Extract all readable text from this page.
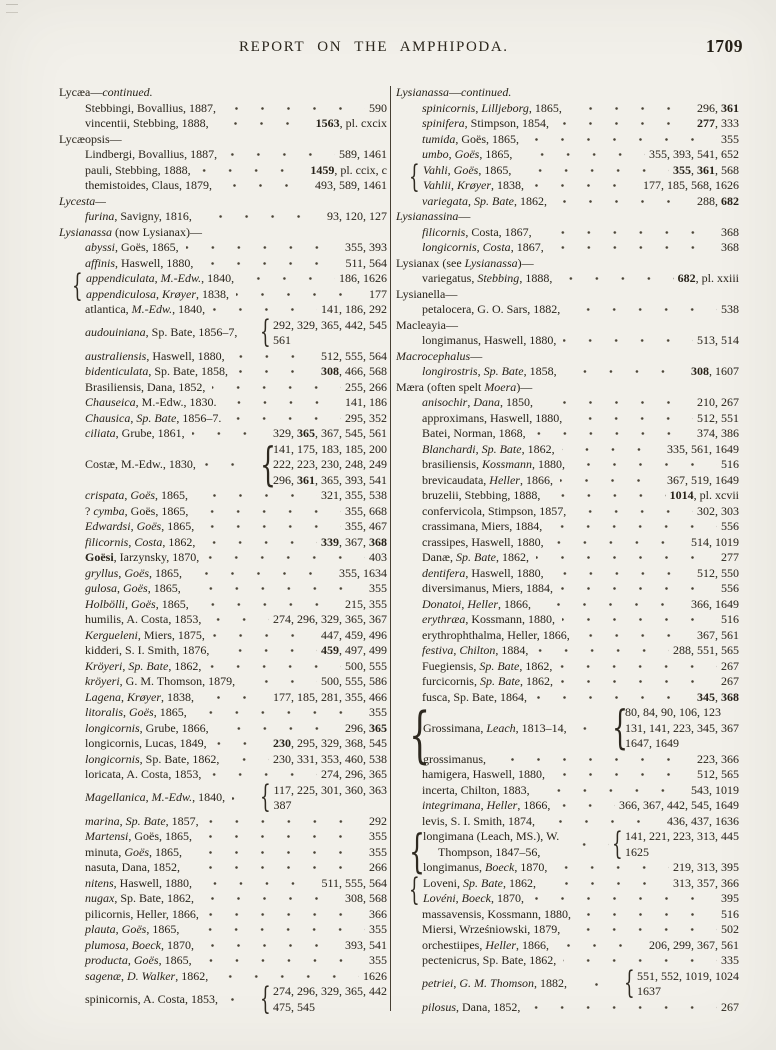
REPORT ON THE AMPHIPODA.	1709
Lycæa—continued.
Stebbingi, Bovallius, 1887,	590
vincentii, Stebbing, 1888,	1563, pl. cxcix
Lycæopsis—
Lindbergi, Bovallius, 1887,	589, 1461
pauli, Stebbing, 1888,	1459, pl. ccix, c
themistoides, Claus, 1879,	493, 589, 1461
Lycesta—
furina, Savigny, 1816,	93, 120, 127
Lysianassa (now Lysianax)—
abyssi, Goës, 1865,	355, 393
affinis, Haswell, 1880,	511, 564
{ appendiculata, M.-Edw., 1840,	186, 1626
appendiculosa, Krøyer, 1838,	177
atlantica, M.-Edw., 1840,	141, 186, 292
audouiniana, Sp. Bate, 1856–7, { 292, 329, 365, 442, 545
561
australiensis, Haswell, 1880,	512, 555, 564
bidenticulata, Sp. Bate, 1858,	308, 466, 568
Brasiliensis, Dana, 1852,	255, 266
Chauseica, M.-Edw., 1830.	141, 186
Chausica, Sp. Bate, 1856–7.	295, 352
ciliata, Grube, 1861,	329, 365, 367, 545, 561
Costæ, M.-Edw., 1830, {
141, 175, 183, 185, 200
222, 223, 230, 248, 249
296, 361, 365, 393, 541
crispata, Goës, 1865,	321, 355, 538
? cymba, Goës, 1865,	355, 668
Edwardsi, Goës, 1865,	355, 467
filicornis, Costa, 1862,	339, 367, 368
Goësi, Iarzynsky, 1870,	403
gryllus, Goës, 1865,	355, 1634
gulosa, Goës, 1865,	355
Holbölli, Goës, 1865,	215, 355
humilis, A. Costa, 1853,	274, 296, 329, 365, 367
Kergueleni, Miers, 1875,	447, 459, 496
kidderi, S. I. Smith, 1876,	459, 497, 499
Kröyeri, Sp. Bate, 1862,	500, 555
kröyeri, G. M. Thomson, 1879,	500, 555, 586
Lagena, Krøyer, 1838,	177, 185, 281, 355, 466
litoralis, Goës, 1865,	355
longicornis, Grube, 1866,	296, 365
longicornis, Lucas, 1849,	230, 295, 329, 368, 545
longicornis, Sp. Bate, 1862,	230, 331, 353, 460, 538
loricata, A. Costa, 1853,	274, 296, 365
Magellanica, M.-Edw., 1840, { 117, 225, 301, 360, 363
387
marina, Sp. Bate, 1857,	292
Martensi, Goës, 1865,	355
minuta, Goës, 1865,	355
nasuta, Dana, 1852,	266
nitens, Haswell, 1880,	511, 555, 564
nugax, Sp. Bate, 1862,	308, 568
pilicornis, Heller, 1866,	366
plauta, Goës, 1865,	355
plumosa, Boeck, 1870,	393, 541
producta, Goës, 1865,	355
sagenæ, D. Walker, 1862,	1626
spinicornis, A. Costa, 1853, { 274, 296, 329, 365, 442
475, 545
Lysianassa—continued.
spinicornis, Lilljeborg, 1865,	296, 361
spinifera, Stimpson, 1854,	277, 333
tumida, Goës, 1865,	355
umbo, Goës, 1865,	355, 393, 541, 652
{ Vahli, Goës, 1865,	355, 361, 568
Vahlii, Krøyer, 1838,	177, 185, 568, 1626
variegata, Sp. Bate, 1862,	288, 682
Lysianassina—
filicornis, Costa, 1867,	368
longicornis, Costa, 1867,	368
Lysianax (see Lysianassa)—
variegatus, Stebbing, 1888,	682, pl. xxiii
Lysianella—
petalocera, G. O. Sars, 1882,	538
Macleayia—
longimanus, Haswell, 1880,	513, 514
Macrocephalus—
longirostris, Sp. Bate, 1858,	308, 1607
Mæra (often spelt Moera)—
anisochir, Dana, 1850,	210, 267
approximans, Haswell, 1880,	512, 551
Batei, Norman, 1868,	374, 386
Blanchardi, Sp. Bate, 1862,	335, 561, 1649
brasiliensis, Kossmann, 1880,	516
brevicaudata, Heller, 1866,	367, 519, 1649
bruzelii, Stebbing, 1888,	1014, pl. xcvii
confervicola, Stimpson, 1857,	302, 303
crassimana, Miers, 1884,	556
crassipes, Haswell, 1880,	514, 1019
Danæ, Sp. Bate, 1862,	277
dentifera, Haswell, 1880,	512, 550
diversimanus, Miers, 1884,	556
Donatoi, Heller, 1866,	366, 1649
erythræa, Kossmann, 1880,	516
erythrophthalma, Heller, 1866,	367, 561
festiva, Chilton, 1884,	288, 551, 565
Fuegiensis, Sp. Bate, 1862,	267
furcicornis, Sp. Bate, 1862,	267
fusca, Sp. Bate, 1864,	345, 368
{
Grossimana, Leach, 1813–14, {
80, 84, 90, 106, 123
131, 141, 223, 345, 367
1647, 1649
grossimanus,	223, 366
hamigera, Haswell, 1880,	512, 565
incerta, Chilton, 1883,	543, 1019
integrimana, Heller, 1866,	366, 367, 442, 545, 1649
levis, S. I. Smith, 1874,	436, 437, 1636
{
longimana (Leach, MS.), W.
Thompson, 1847–56,	{ 141, 221, 223, 313, 445
1625
longimanus, Boeck, 1870,	219, 313, 395
{ Loveni, Sp. Bate, 1862,	313, 357, 366
Lovéni, Boeck, 1870,	395
massavensis, Kossmann, 1880,	516
Miersi, Wrześniowski, 1879,	502
orchestiipes, Heller, 1866,	206, 299, 367, 561
pectenicrus, Sp. Bate, 1862,	335
petriei, G. M. Thomson, 1882, { 551, 552, 1019, 1024
1637
pilosus, Dana, 1852,	267
